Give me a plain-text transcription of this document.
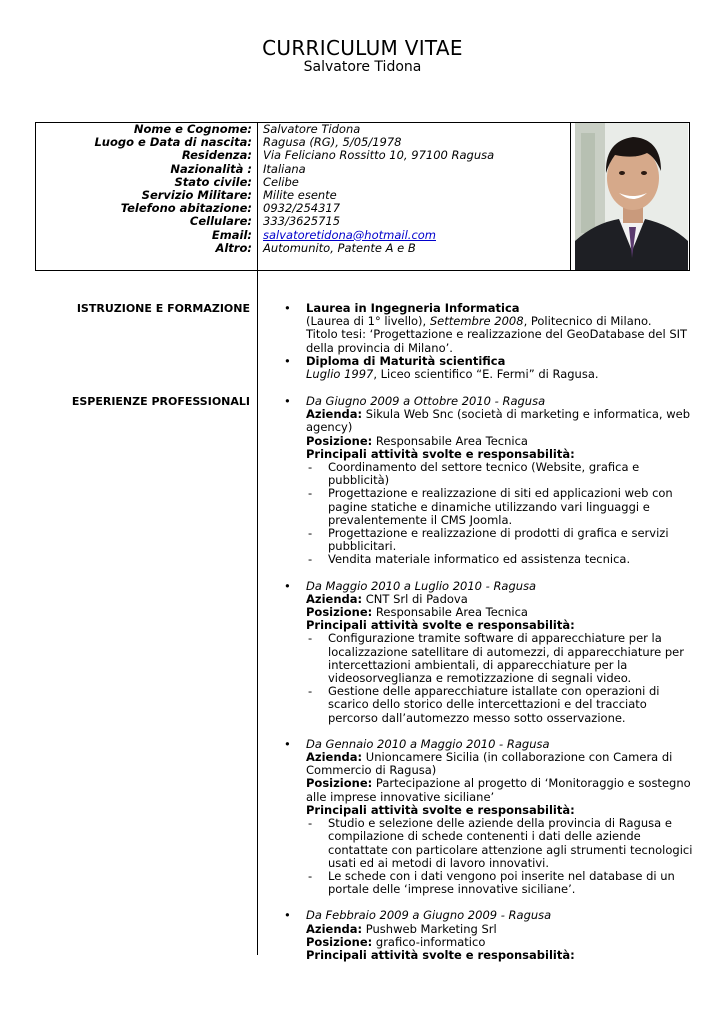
CURRICULUM VITAE
Salvatore Tidona
Nome e Cognome:
Luogo e Data di nascita:
Residenza:
Nazionalità :
Stato civile:
Servizio Militare:
Telefono abitazione:
Cellulare:
Email:
Altro:
Salvatore Tidona
Ragusa (RG), 5/05/1978
Via Feliciano Rossitto 10, 97100 Ragusa
Italiana
Celibe
Milite esente
0932/254317
333/3625715
salvatoretidona@hotmail.com
Automunito, Patente A e B
ISTRUZIONE E FORMAZIONE	• Laurea in Ingegneria Informatica
(Laurea di 1° livello), Settembre 2008, Politecnico di Milano.
Titolo tesi: ‘Progettazione e realizzazione del GeoDatabase del SIT della provincia di Milano’.
• Diploma di Maturità scientifica
Luglio 1997, Liceo scientifico “E. Fermi” di Ragusa.
ESPERIENZE PROFESSIONALI	• Da Giugno 2009 a Ottobre 2010 - Ragusa
Azienda: Sikula Web Snc (società di marketing e informatica, web agency)
Posizione: Responsabile Area Tecnica
Principali attività svolte e responsabilità:
- Coordinamento del settore tecnico (Website, grafica e pubblicità)
- Progettazione e realizzazione di siti ed applicazioni web con pagine statiche e dinamiche utilizzando vari linguaggi e prevalentemente il CMS Joomla.
- Progettazione e realizzazione di prodotti di grafica e servizi pubblicitari.
- Vendita materiale informatico ed assistenza tecnica.
• Da Maggio 2010 a Luglio 2010 - Ragusa
Azienda: CNT Srl di Padova
Posizione: Responsabile Area Tecnica
Principali attività svolte e responsabilità:
- Configurazione tramite software di apparecchiature per la localizzazione satellitare di automezzi, di apparecchiature per intercettazioni ambientali, di apparecchiature per la videosorveglianza e remotizzazione di segnali video.
- Gestione delle apparecchiature istallate con operazioni di scarico dello storico delle intercettazioni e del tracciato percorso dall’automezzo messo sotto osservazione.
• Da Gennaio 2010 a Maggio 2010 - Ragusa
Azienda: Unioncamere Sicilia (in collaborazione con Camera di Commercio di Ragusa)
Posizione: Partecipazione al progetto di ‘Monitoraggio e sostegno alle imprese innovative siciliane’
Principali attività svolte e responsabilità:
- Studio e selezione delle aziende della provincia di Ragusa e compilazione di schede contenenti i dati delle aziende contattate con particolare attenzione agli strumenti tecnologici usati ed ai metodi di lavoro innovativi.
- Le schede con i dati vengono poi inserite nel database di un portale delle ‘imprese innovative siciliane’.
• Da Febbraio 2009 a Giugno 2009 - Ragusa
Azienda: Pushweb Marketing Srl
Posizione: grafico-informatico
Principali attività svolte e responsabilità:
